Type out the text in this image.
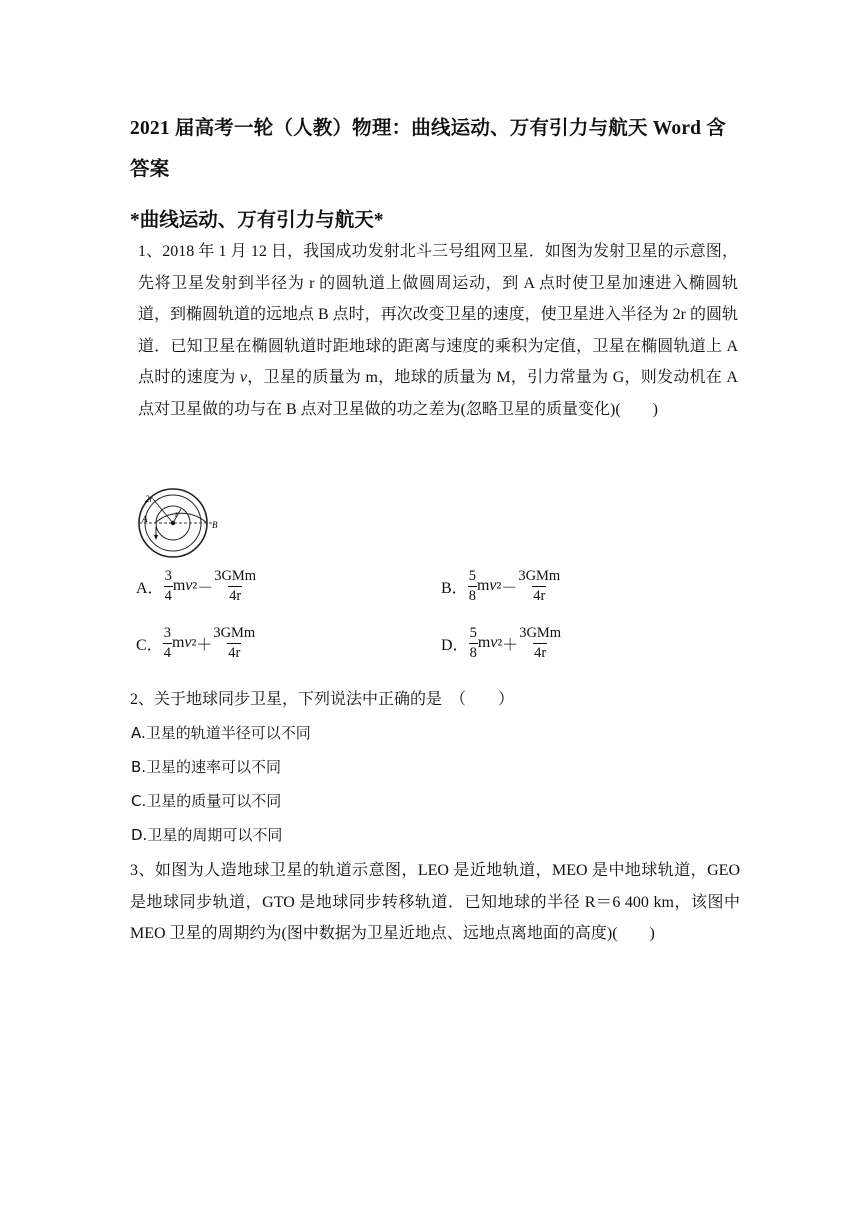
2021 届高考一轮（人教）物理：曲线运动、万有引力与航天 Word 含答案
*曲线运动、万有引力与航天*
1、2018 年 1 月 12 日，我国成功发射北斗三号组网卫星．如图为发射卫星的示意图，先将卫星发射到半径为 r 的圆轨道上做圆周运动，到 A 点时使卫星加速进入椭圆轨道，到椭圆轨道的远地点 B 点时，再次改变卫星的速度，使卫星进入半径为 2r 的圆轨道．已知卫星在椭圆轨道时距地球的距离与速度的乘积为定值，卫星在椭圆轨道上 A 点时的速度为 v，卫星的质量为 m，地球的质量为 M，引力常量为 G，则发动机在 A 点对卫星做的功与在 B 点对卫星做的功之差为(忽略卫星的质量变化)(　　)
2r
r
A
B
A． $\frac{3}{4}$ m v $^2- \frac{\text{3GMm}}{4r}$	B． $\frac{5}{8}$ m v $^2- \frac{\text{3GMm}}{4r}$
C． $\frac{3}{4}$ m v $^2+ \frac{\text{3GMm}}{4r}$	D． $\frac{5}{8}$ m v $^2+ \frac{\text{3GMm}}{4r}$
2、关于地球同步卫星，下列说法中正确的是　（　　）
A.卫星的轨道半径可以不同
B.卫星的速率可以不同
C.卫星的质量可以不同
D.卫星的周期可以不同
3、如图为人造地球卫星的轨道示意图，LEO 是近地轨道，MEO 是中地球轨道，GEO 是地球同步轨道，GTO 是地球同步转移轨道．已知地球的半径 R＝6 400 km，该图中 MEO 卫星的周期约为(图中数据为卫星近地点、远地点离地面的高度)(　　)
